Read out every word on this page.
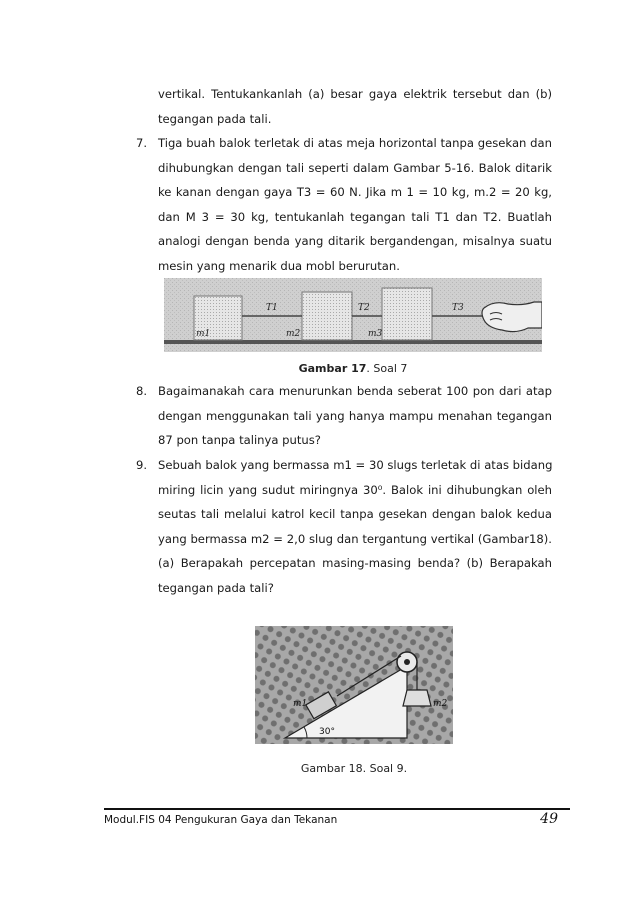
vertikal. Tentukankanlah (a) besar gaya elektrik tersebut dan (b)
tegangan pada tali.
7. Tiga buah balok terletak di atas meja horizontal tanpa gesekan dan
dihubungkan dengan tali seperti dalam Gambar 5-16. Balok ditarik
ke kanan dengan gaya T3 = 60 N. Jika m 1 = 10 kg, m.2 = 20 kg,
dan M 3 = 30 kg, tentukanlah tegangan tali T1 dan T2. Buatlah
analogi dengan benda yang ditarik bergandengan, misalnya suatu
mesin yang menarik dua mobl berurutan.
m1
T1
m2
T2
m3
T3
Gambar 17. Soal 7
8. Bagaimanakah cara menurunkan benda seberat 100 pon dari atap
dengan menggunakan tali yang hanya mampu menahan tegangan
87 pon tanpa talinya putus?
9. Sebuah balok yang bermassa m1 = 30 slugs terletak di atas bidang
miring licin yang sudut miringnya 30⁰. Balok ini dihubungkan oleh
seutas tali melalui katrol kecil tanpa gesekan dengan balok kedua
yang bermassa m2 = 2,0 slug dan tergantung vertikal (Gambar18).
(a) Berapakah percepatan masing-masing benda? (b) Berapakah
tegangan pada tali?
m1
30°
m2
Gambar 18. Soal 9.
Modul.FIS 04 Pengukuran Gaya dan Tekanan	49
